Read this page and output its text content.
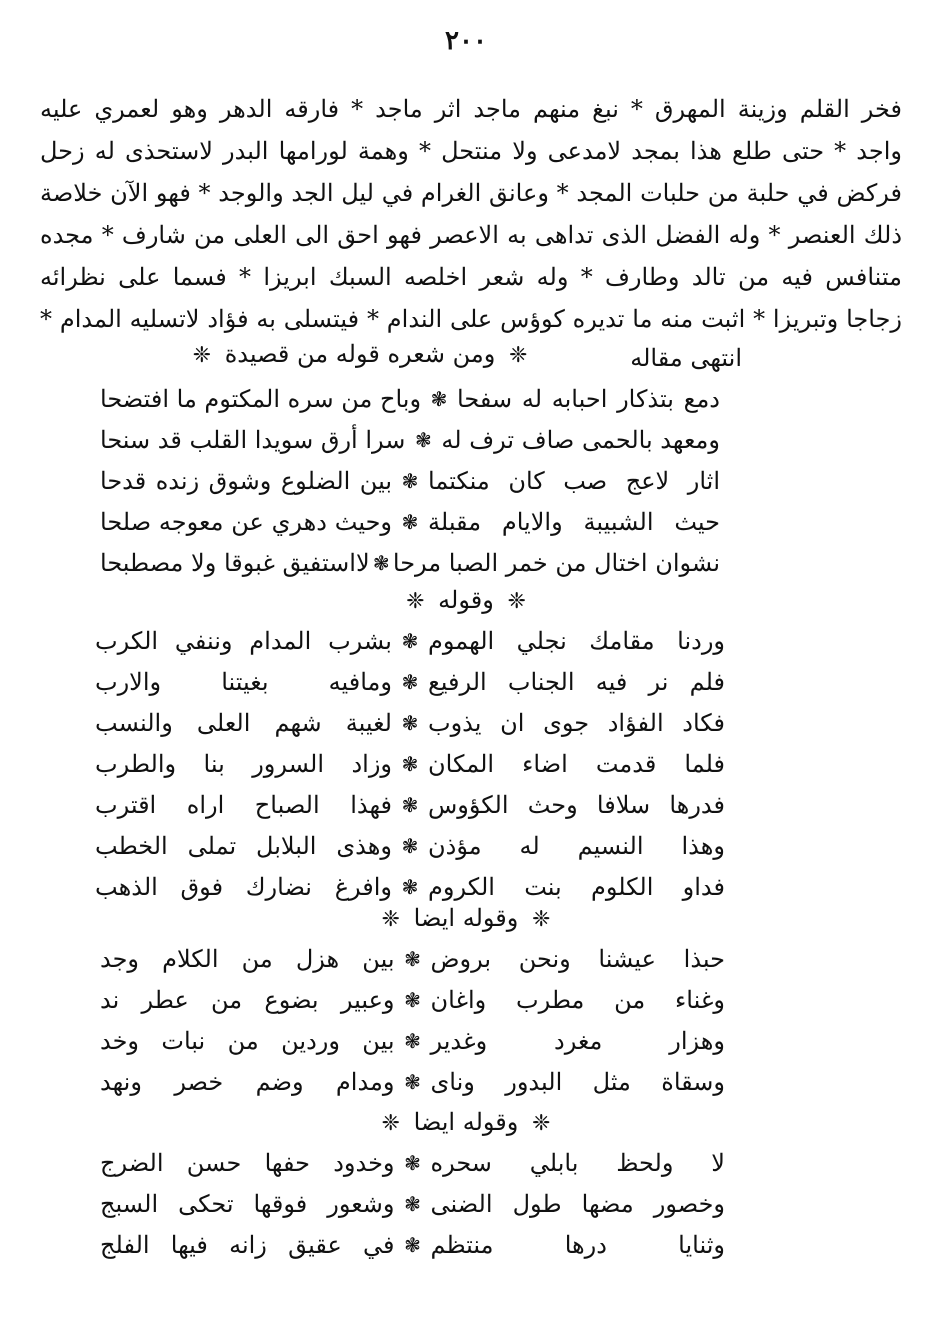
٢٠٠
فخر القلم وزينة المهرق * نبغ منهم ماجد اثر ماجد * فارقه الدهر وهو لعمري عليه
واجد * حتى طلع هذا بمجد لامدعى ولا منتحل * وهمة لورامها البدر لاستحذى له زحل
فركض في حلبة من حلبات المجد * وعانق الغرام في ليل الجد والوجد * فهو الآن خلاصة
ذلك العنصر * وله الفضل الذى تداهى به الاعصر فهو احق الى العلى من شارف * مجده
متنافس فيه من تالد وطارف * وله شعر اخلصه السبك ابريزا * فسما على نظرائه
زجاجا وتبريزا * اثبت منه ما تديره كوؤس على الندام * فيتسلى به فؤاد لاتسليه المدام *
انتهى مقاله
❈ ومن شعره قوله من قصيدة ❈
دمع بتذكار احبابه له سفحا
❃
وباح من سره المكتوم ما افتضحا
ومعهد بالحمى صاف ترف له
❃
سرا أرق سويدا القلب قد سنحا
اثار لاعج صب كان منكتما
❃
بين الضلوع وشوق زنده قدحا
حيث الشبيبة والايام مقبلة
❃
وحيث دهري عن معوجه صلحا
نشوان اختال من خمر الصبا مرحا
❃
لااستفيق غبوقا ولا مصطبحا
❈ وقوله ❈
وردنا مقامك نجلي الهموم
❃
بشرب المدام وننفي الكرب
فلم نر فيه الجناب الرفيع
❃
ومافيه بغيتنا والارب
فكاد الفؤاد جوى ان يذوب
❃
لغيبة شهم العلى والنسب
فلما قدمت اضاء المكان
❃
وزاد السرور بنا والطرب
فدرها سلافا وحث الكؤوس
❃
فهذا الصباح اراه اقترب
وهذا النسيم له مؤذن
❃
وهذى البلابل تملى الخطب
فداو الكلوم بنت الكروم
❃
وافرغ نضارك فوق الذهب
❈ وقوله ايضا ❈
حبذا عيشنا ونحن بروض
❃
بين هزل من الكلام وجد
وغناء من مطرب واغان
❃
وعبير بضوع من عطر ند
وهزار مغرد وغدير
❃
بين وردين من نبات وخد
وسقاة مثل البدور وناى
❃
ومدام وضم خصر ونهد
❈ وقوله ايضا ❈
لا ولحظ بابلي سحره
❃
وخدود حفها حسن الضرج
وخصور مضها طول الضنى
❃
وشعور فوقها تحكى السبج
وثنايا درها منتظم
❃
في عقيق زانه فيها الفلج
